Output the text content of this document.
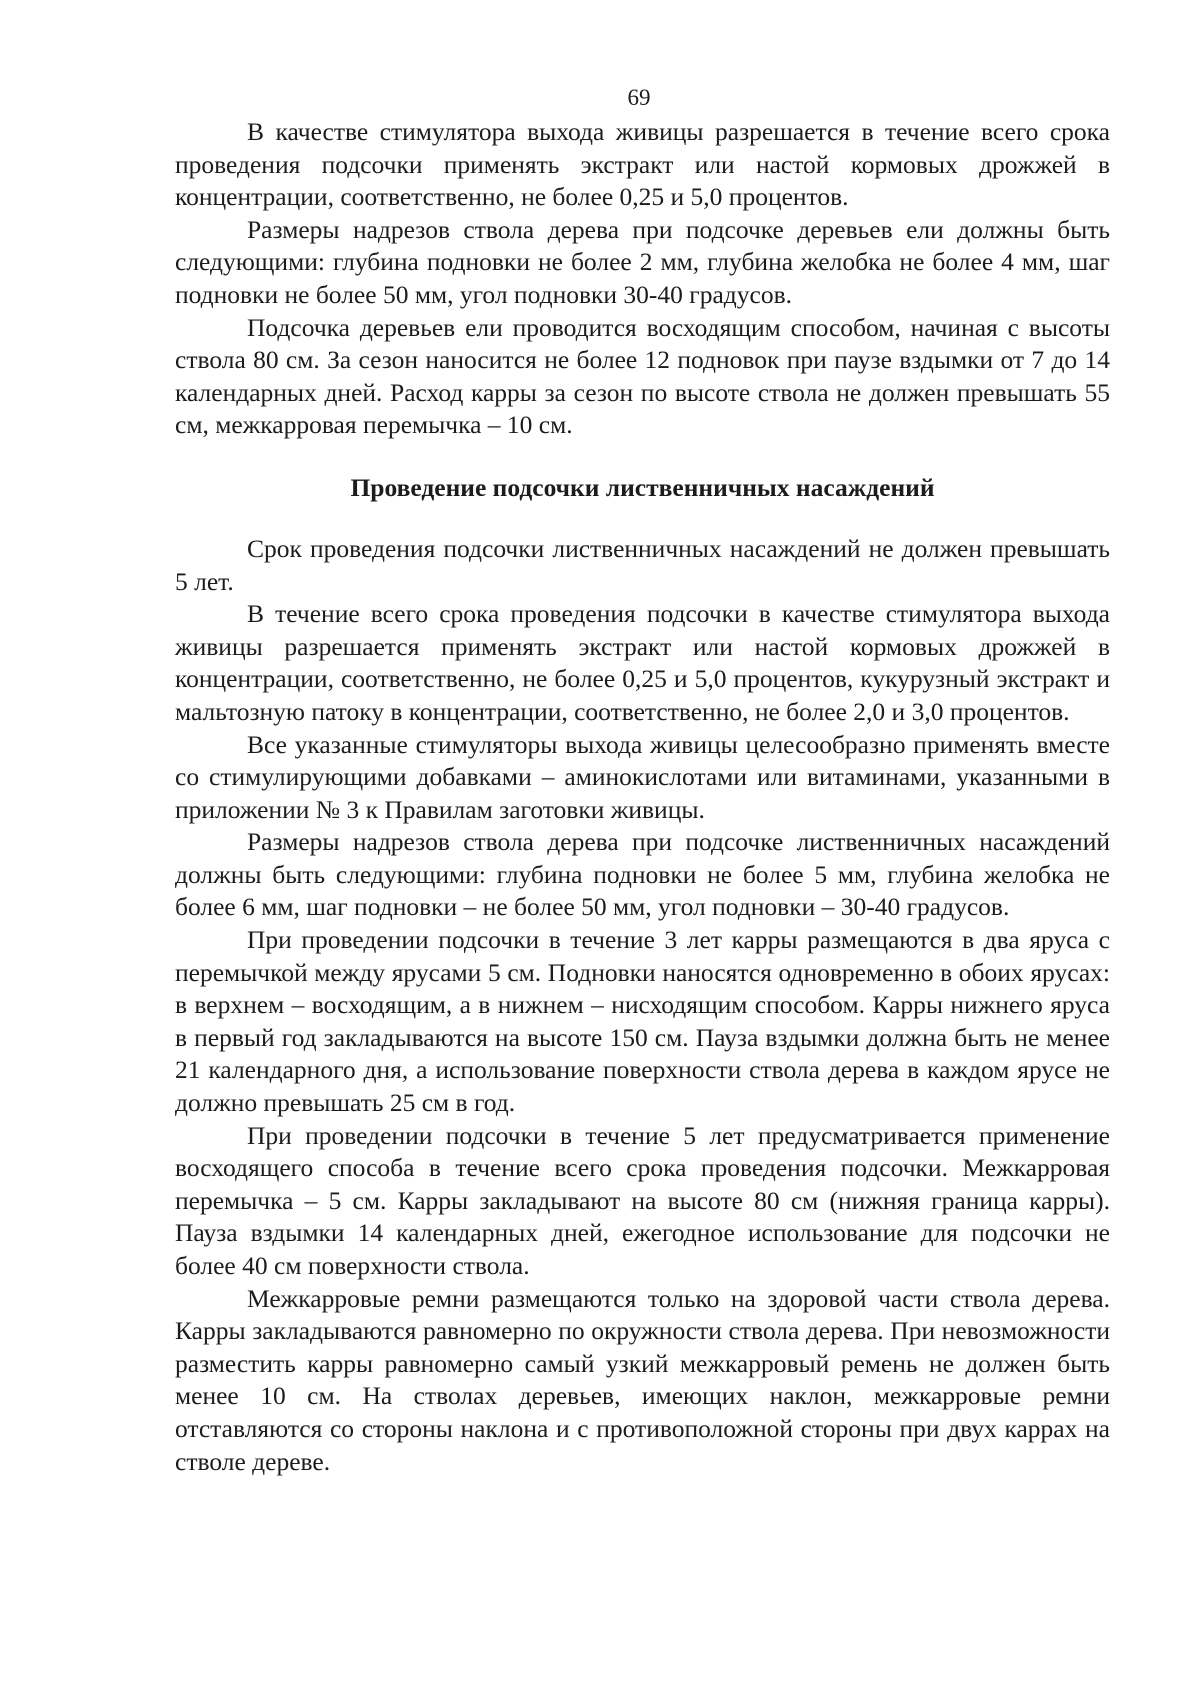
69

В качестве стимулятора выхода живицы разрешается в течение всего срока проведения подсочки применять экстракт или настой кормовых дрожжей в концентрации, соответственно, не более 0,25 и 5,0 процентов.

Размеры надрезов ствола дерева при подсочке деревьев ели должны быть следующими: глубина подновки не более 2 мм, глубина желобка не более 4 мм, шаг подновки не более 50 мм, угол подновки 30-40 градусов.

Подсочка деревьев ели проводится восходящим способом, начиная с высоты ствола 80 см. За сезон наносится не более 12 подновок при паузе вздымки от 7 до 14 календарных дней. Расход карры за сезон по высоте ствола не должен превышать 55 см, межкарровая перемычка – 10 см.

Проведение подсочки лиственничных насаждений

Срок проведения подсочки лиственничных насаждений не должен превышать 5 лет.

В течение всего срока проведения подсочки в качестве стимулятора выхода живицы разрешается применять экстракт или настой кормовых дрожжей в концентрации, соответственно, не более 0,25 и 5,0 процентов, кукурузный экстракт и мальтозную патоку в концентрации, соответственно, не более 2,0 и 3,0 процентов.

Все указанные стимуляторы выхода живицы целесообразно применять вместе со стимулирующими добавками – аминокислотами или витаминами, указанными в приложении № 3 к Правилам заготовки живицы.

Размеры надрезов ствола дерева при подсочке лиственничных насаждений должны быть следующими: глубина подновки не более 5 мм, глубина желобка не более 6 мм, шаг подновки – не более 50 мм, угол подновки – 30-40 градусов.

При проведении подсочки в течение 3 лет карры размещаются в два яруса с перемычкой между ярусами 5 см. Подновки наносятся одновременно в обоих ярусах: в верхнем – восходящим, а в нижнем – нисходящим способом. Карры нижнего яруса в первый год закладываются на высоте 150 см. Пауза вздымки должна быть не менее 21 календарного дня, а использование поверхности ствола дерева в каждом ярусе не должно превышать 25 см в год.

При проведении подсочки в течение 5 лет предусматривается применение восходящего способа в течение всего срока проведения подсочки. Межкарровая перемычка – 5 см. Карры закладывают на высоте 80 см (нижняя граница карры). Пауза вздымки 14 календарных дней, ежегодное использование для подсочки не более 40 см поверхности ствола.

Межкарровые ремни размещаются только на здоровой части ствола дерева. Карры закладываются равномерно по окружности ствола дерева. При невозможности разместить карры равномерно самый узкий межкарровый ремень не должен быть менее 10 см. На стволах деревьев, имеющих наклон, межкарровые ремни отставляются со стороны наклона и с противоположной стороны при двух каррах на стволе дереве.
